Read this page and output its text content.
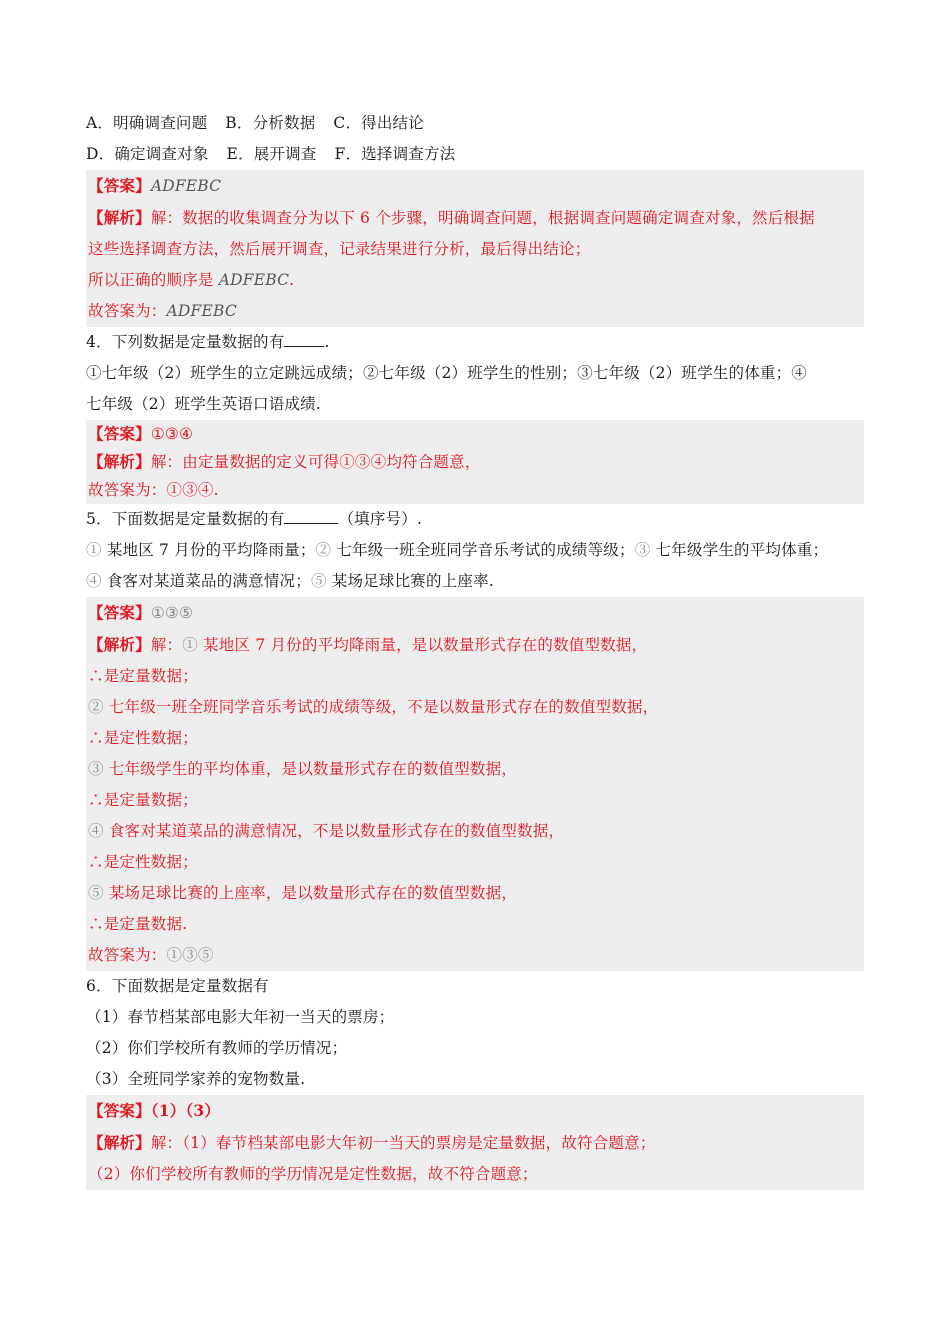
A．明确调查问题 B．分析数据 C．得出结论
D．确定调查对象 E．展开调查 F．选择调查方法
【答案】ADFEBC
【解析】解：数据的收集调查分为以下 6 个步骤，明确调查问题，根据调查问题确定调查对象，然后根据
这些选择调查方法，然后展开调查，记录结果进行分析，最后得出结论；
所以正确的顺序是 ADFEBC.
故答案为：ADFEBC
4．下列数据是定量数据的有	.
①七年级（2）班学生的立定跳远成绩；②七年级（2）班学生的性别；③七年级（2）班学生的体重；④
七年级（2）班学生英语口语成绩.
【答案】①③④
【解析】解：由定量数据的定义可得①③④均符合题意，
故答案为：①③④.
5．下面数据是定量数据的有	（填序号）.
① 某地区 7 月份的平均降雨量；② 七年级一班全班同学音乐考试的成绩等级；③ 七年级学生的平均体重；
④ 食客对某道菜品的满意情况；⑤ 某场足球比赛的上座率.
【答案】①③⑤
【解析】解：① 某地区 7 月份的平均降雨量，是以数量形式存在的数值型数据，
∴是定量数据；
② 七年级一班全班同学音乐考试的成绩等级，不是以数量形式存在的数值型数据，
∴是定性数据；
③ 七年级学生的平均体重，是以数量形式存在的数值型数据，
∴是定量数据；
④ 食客对某道菜品的满意情况，不是以数量形式存在的数值型数据，
∴是定性数据；
⑤ 某场足球比赛的上座率，是以数量形式存在的数值型数据，
∴是定量数据.
故答案为：①③⑤
6．下面数据是定量数据有
（1）春节档某部电影大年初一当天的票房；
（2）你们学校所有教师的学历情况；
（3）全班同学家养的宠物数量.
【答案】（1）（3）
【解析】解：（1）春节档某部电影大年初一当天的票房是定量数据，故符合题意；
（2）你们学校所有教师的学历情况是定性数据，故不符合题意；
